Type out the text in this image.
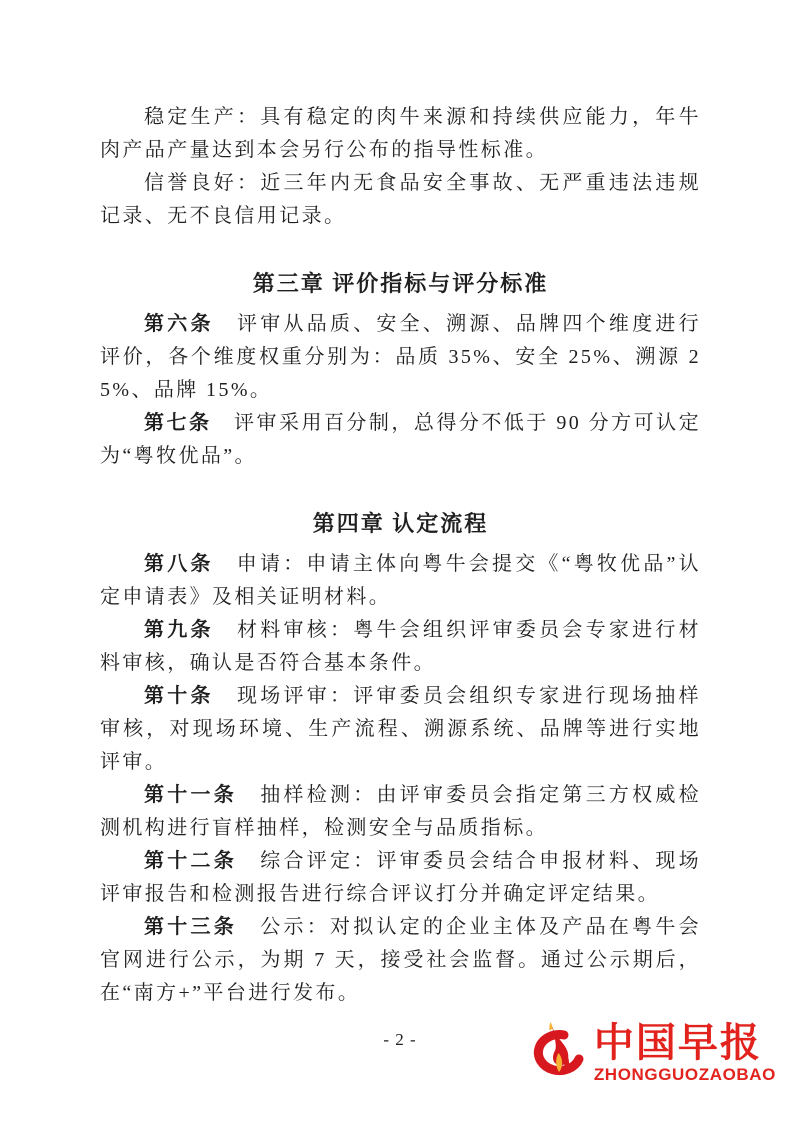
稳定生产：具有稳定的肉牛来源和持续供应能力，年牛肉产品产量达到本会另行公布的指导性标准。

信誉良好：近三年内无食品安全事故、无严重违法违规记录、无不良信用记录。

第三章 评价指标与评分标准

第六条　评审从品质、安全、溯源、品牌四个维度进行评价，各个维度权重分别为：品质 35%、安全 25%、溯源 25%、品牌 15%。

第七条　评审采用百分制，总得分不低于 90 分方可认定为“粤牧优品”。

第四章 认定流程

第八条　申请：申请主体向粤牛会提交《“粤牧优品”认定申请表》及相关证明材料。

第九条　材料审核：粤牛会组织评审委员会专家进行材料审核，确认是否符合基本条件。

第十条　现场评审：评审委员会组织专家进行现场抽样审核，对现场环境、生产流程、溯源系统、品牌等进行实地评审。

第十一条　抽样检测：由评审委员会指定第三方权威检测机构进行盲样抽样，检测安全与品质指标。

第十二条　综合评定：评审委员会结合申报材料、现场评审报告和检测报告进行综合评议打分并确定评定结果。

第十三条　公示：对拟认定的企业主体及产品在粤牛会官网进行公示，为期 7 天，接受社会监督。通过公示期后，在“南方+”平台进行发布。

- 2 -	中国早报
ZHONGGUOZAOBAO
